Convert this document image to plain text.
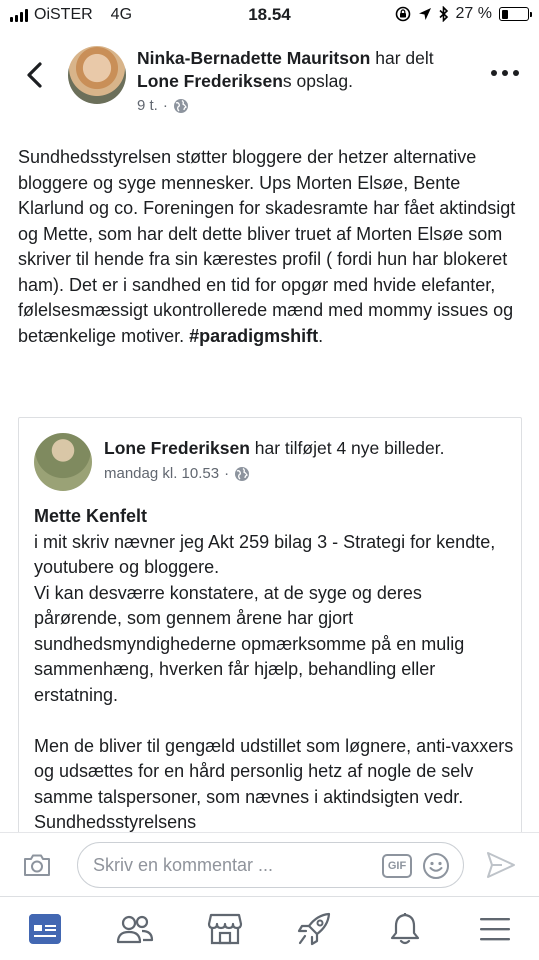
OiSTER 4G	18.54	27 %
Ninka-Bernadette Mauritson har delt Lone Frederiksens opslag.
9 t. ·
Sundhedsstyrelsen støtter bloggere der hetzer alternative bloggere og syge mennesker. Ups Morten Elsøe, Bente Klarlund og co. Foreningen for skadesramte har fået aktindsigt og Mette, som har delt dette bliver truet af Morten Elsøe som skriver til hende fra sin kærestes profil ( fordi hun har blokeret ham). Det er i sandhed en tid for opgør med hvide elefanter, følelsesmæssigt ukontrollerede mænd med mommy issues og betænkelige motiver. #paradigmshift.
Lone Frederiksen har tilføjet 4 nye billeder.
mandag kl. 10.53 ·

Mette Kenfelt

i mit skriv nævner jeg Akt 259 bilag 3 - Strategi for kendte, youtubere og bloggere.

Vi kan desværre konstatere, at de syge og deres pårørende, som gennem årene har gjort sundhedsmyndighederne opmærksomme på en mulig sammenhæng, hverken får hjælp, behandling eller erstatning.

Men de bliver til gengæld udstillet som løgnere, anti-vaxxers og udsættes for en hård personlig hetz af nogle de selv samme talspersoner, som nævnes i aktindsigten vedr. Sundhedsstyrelsens

Skriv en kommentar ...
GIF
